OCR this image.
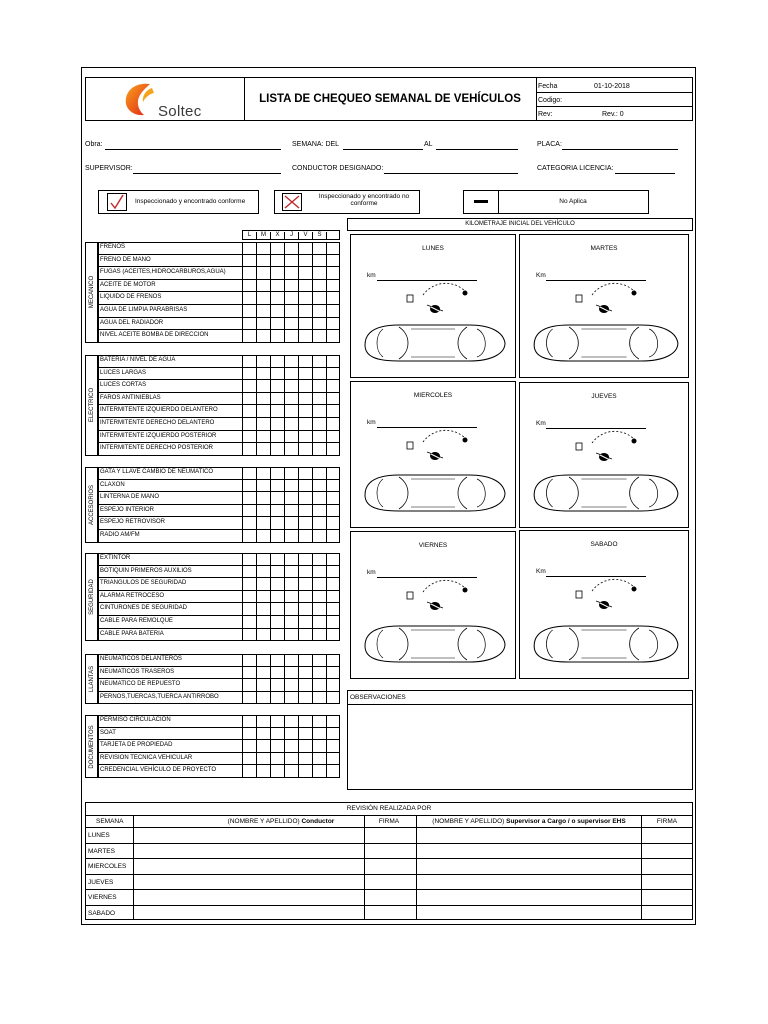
Soltec
LISTA DE CHEQUEO SEMANAL DE VEHÍCULOS
Fecha	01-10-2018
Codigo:
Rev:	Rev.: 0
Obra:	SEMANA: DEL	AL	PLACA:
SUPERVISOR:	CONDUCTOR DESIGNADO:	CATEGORIA LICENCIA:
Inspeccionado y encontrado conforme
Inspeccionado y encontrado no conforme	No Aplica
L	M	X	J	V	S
MECANICO
FRENOS
FRENO DE MANO
FUGAS (ACEITES,HIDROCARBUROS,AGUA)
ACEITE DE MOTOR
LIQUIDO DE FRENOS
AGUA DE LIMPIA PARABRISAS
AGUA DEL RADIADOR
NIVEL ACEITE BOMBA DE DIRECCION
ELECTRICO
BATERIA / NIVEL DE AGUA
LUCES LARGAS
LUCES CORTAS
FAROS ANTINIEBLAS
INTERMITENTE IZQUIERDO DELANTERO
INTERMITENTE DERECHO DELANTERO
INTERMITENTE IZQUIERDO POSTERIOR
INTERMITENTE DERECHO POSTERIOR
ACCESORIOS
GATA Y LLAVE CAMBIO DE NEUMATICO
CLAXON
LINTERNA DE MANO
ESPEJO INTERIOR
ESPEJO RETROVISOR
RADIO AM/FM
SEGURIDAD
EXTINTOR
BOTIQUIN PRIMEROS AUXILIOS
TRIANGULOS DE SEGURIDAD
ALARMA RETROCESO
CINTURONES DE SEGURIDAD
CABLE PARA REMOLQUE
CABLE PARA BATERIA
LLANTAS
NEUMATICOS DELANTEROS
NEUMATICOS TRASEROS
NEUMATICO DE REPUESTO
PERNOS,TUERCAS,TUERCA ANTIRROBO
DOCUMENTOS
PERMISO CIRCULACION
SOAT
TARJETA DE PROPIEDAD
REVISION TECNICA VEHICULAR
CREDENCIAL VEHÍCULO DE PROYECTO
KILOMETRAJE INICIAL DEL VEHÍCULO
LUNES
km
MARTES
Km
MIERCOLES
km
JUEVES
Km
VIERNES
km
SABADO
Km
OBSERVACIONES
REVISIÓN REALIZADA POR
SEMANA	(NOMBRE Y APELLIDO) Conductor	FIRMA	(NOMBRE Y APELLIDO) Supervisor a Cargo / o supervisor EHS	FIRMA
LUNES
MARTES
MIERCOLES
JUEVES
VIERNES
SABADO
